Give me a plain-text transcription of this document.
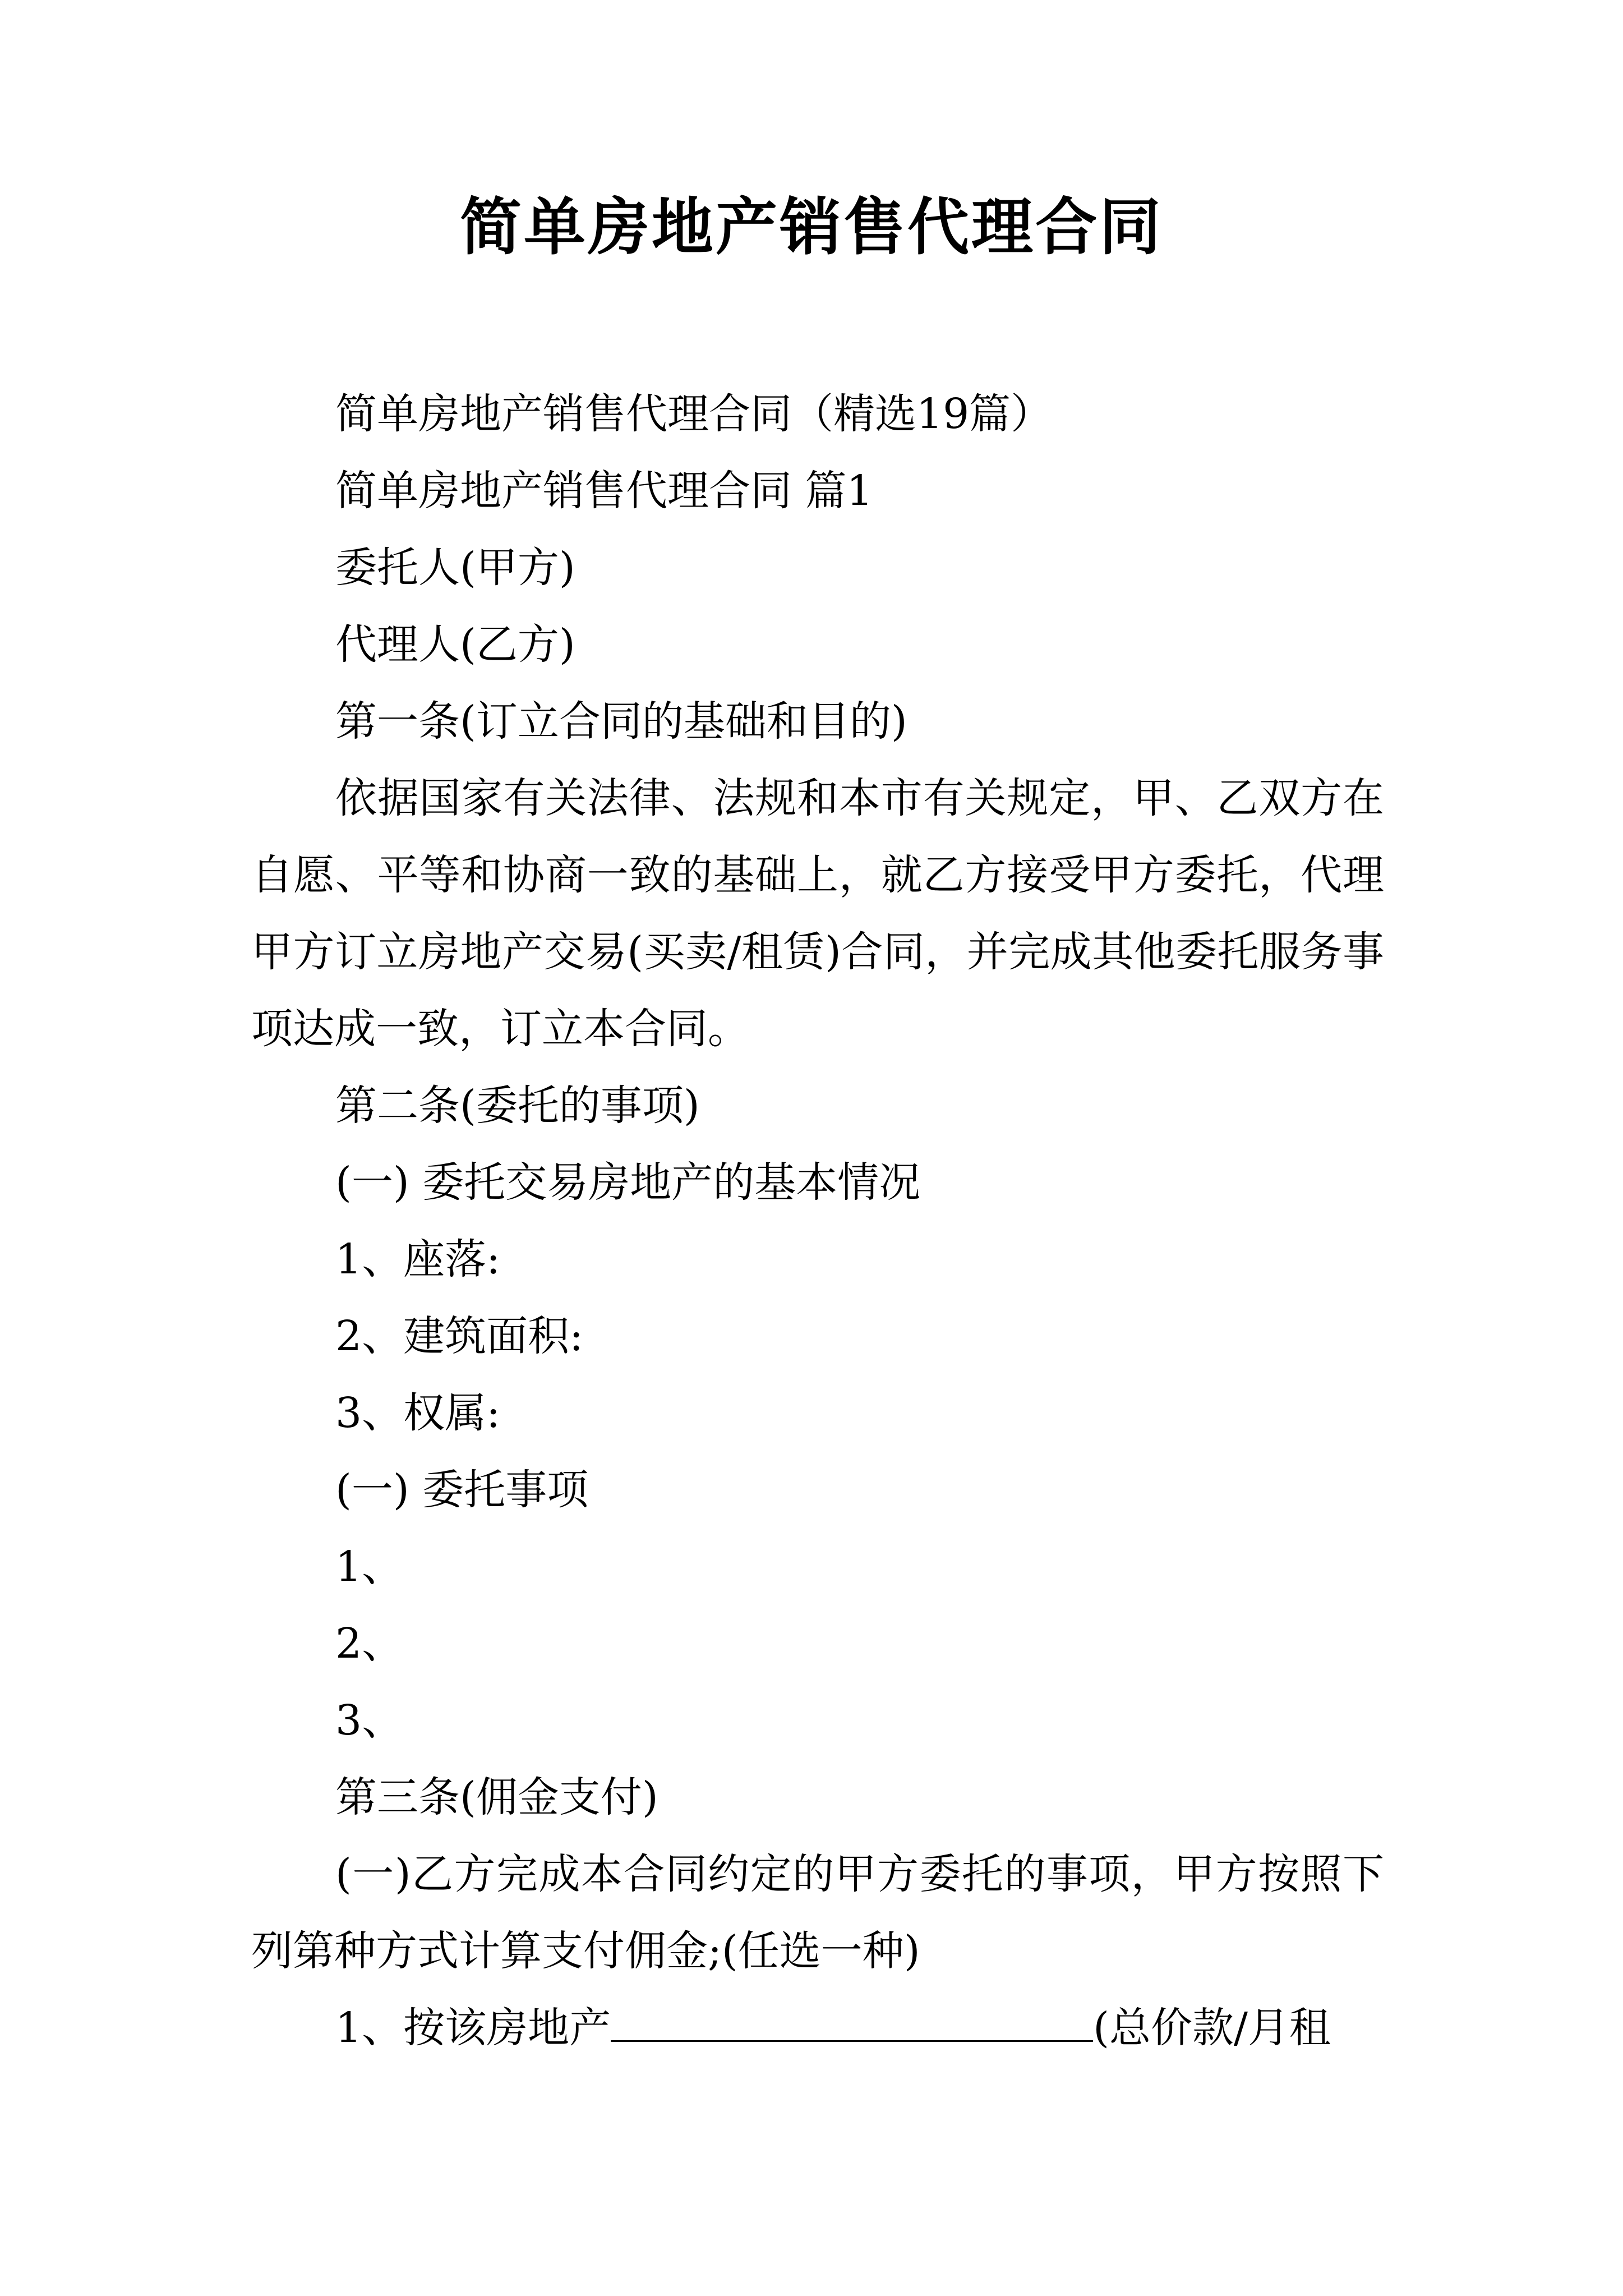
简单房地产销售代理合同

简单房地产销售代理合同（精选19篇）

简单房地产销售代理合同 篇1

委托人(甲方)

代理人(乙方)

第一条(订立合同的基础和目的)

依据国家有关法律、法规和本市有关规定，甲、乙双方在自愿、平等和协商一致的基础上，就乙方接受甲方委托，代理甲方订立房地产交易(买卖/租赁)合同，并完成其他委托服务事项达成一致，订立本合同。

第二条(委托的事项)

(一) 委托交易房地产的基本情况

1、座落:

2、建筑面积:

3、权属:

(一) 委托事项

1、

2、

3、

第三条(佣金支付)

(一)乙方完成本合同约定的甲方委托的事项，甲方按照下列第种方式计算支付佣金;(任选一种)

1、按该房地产	(总价款/月租
